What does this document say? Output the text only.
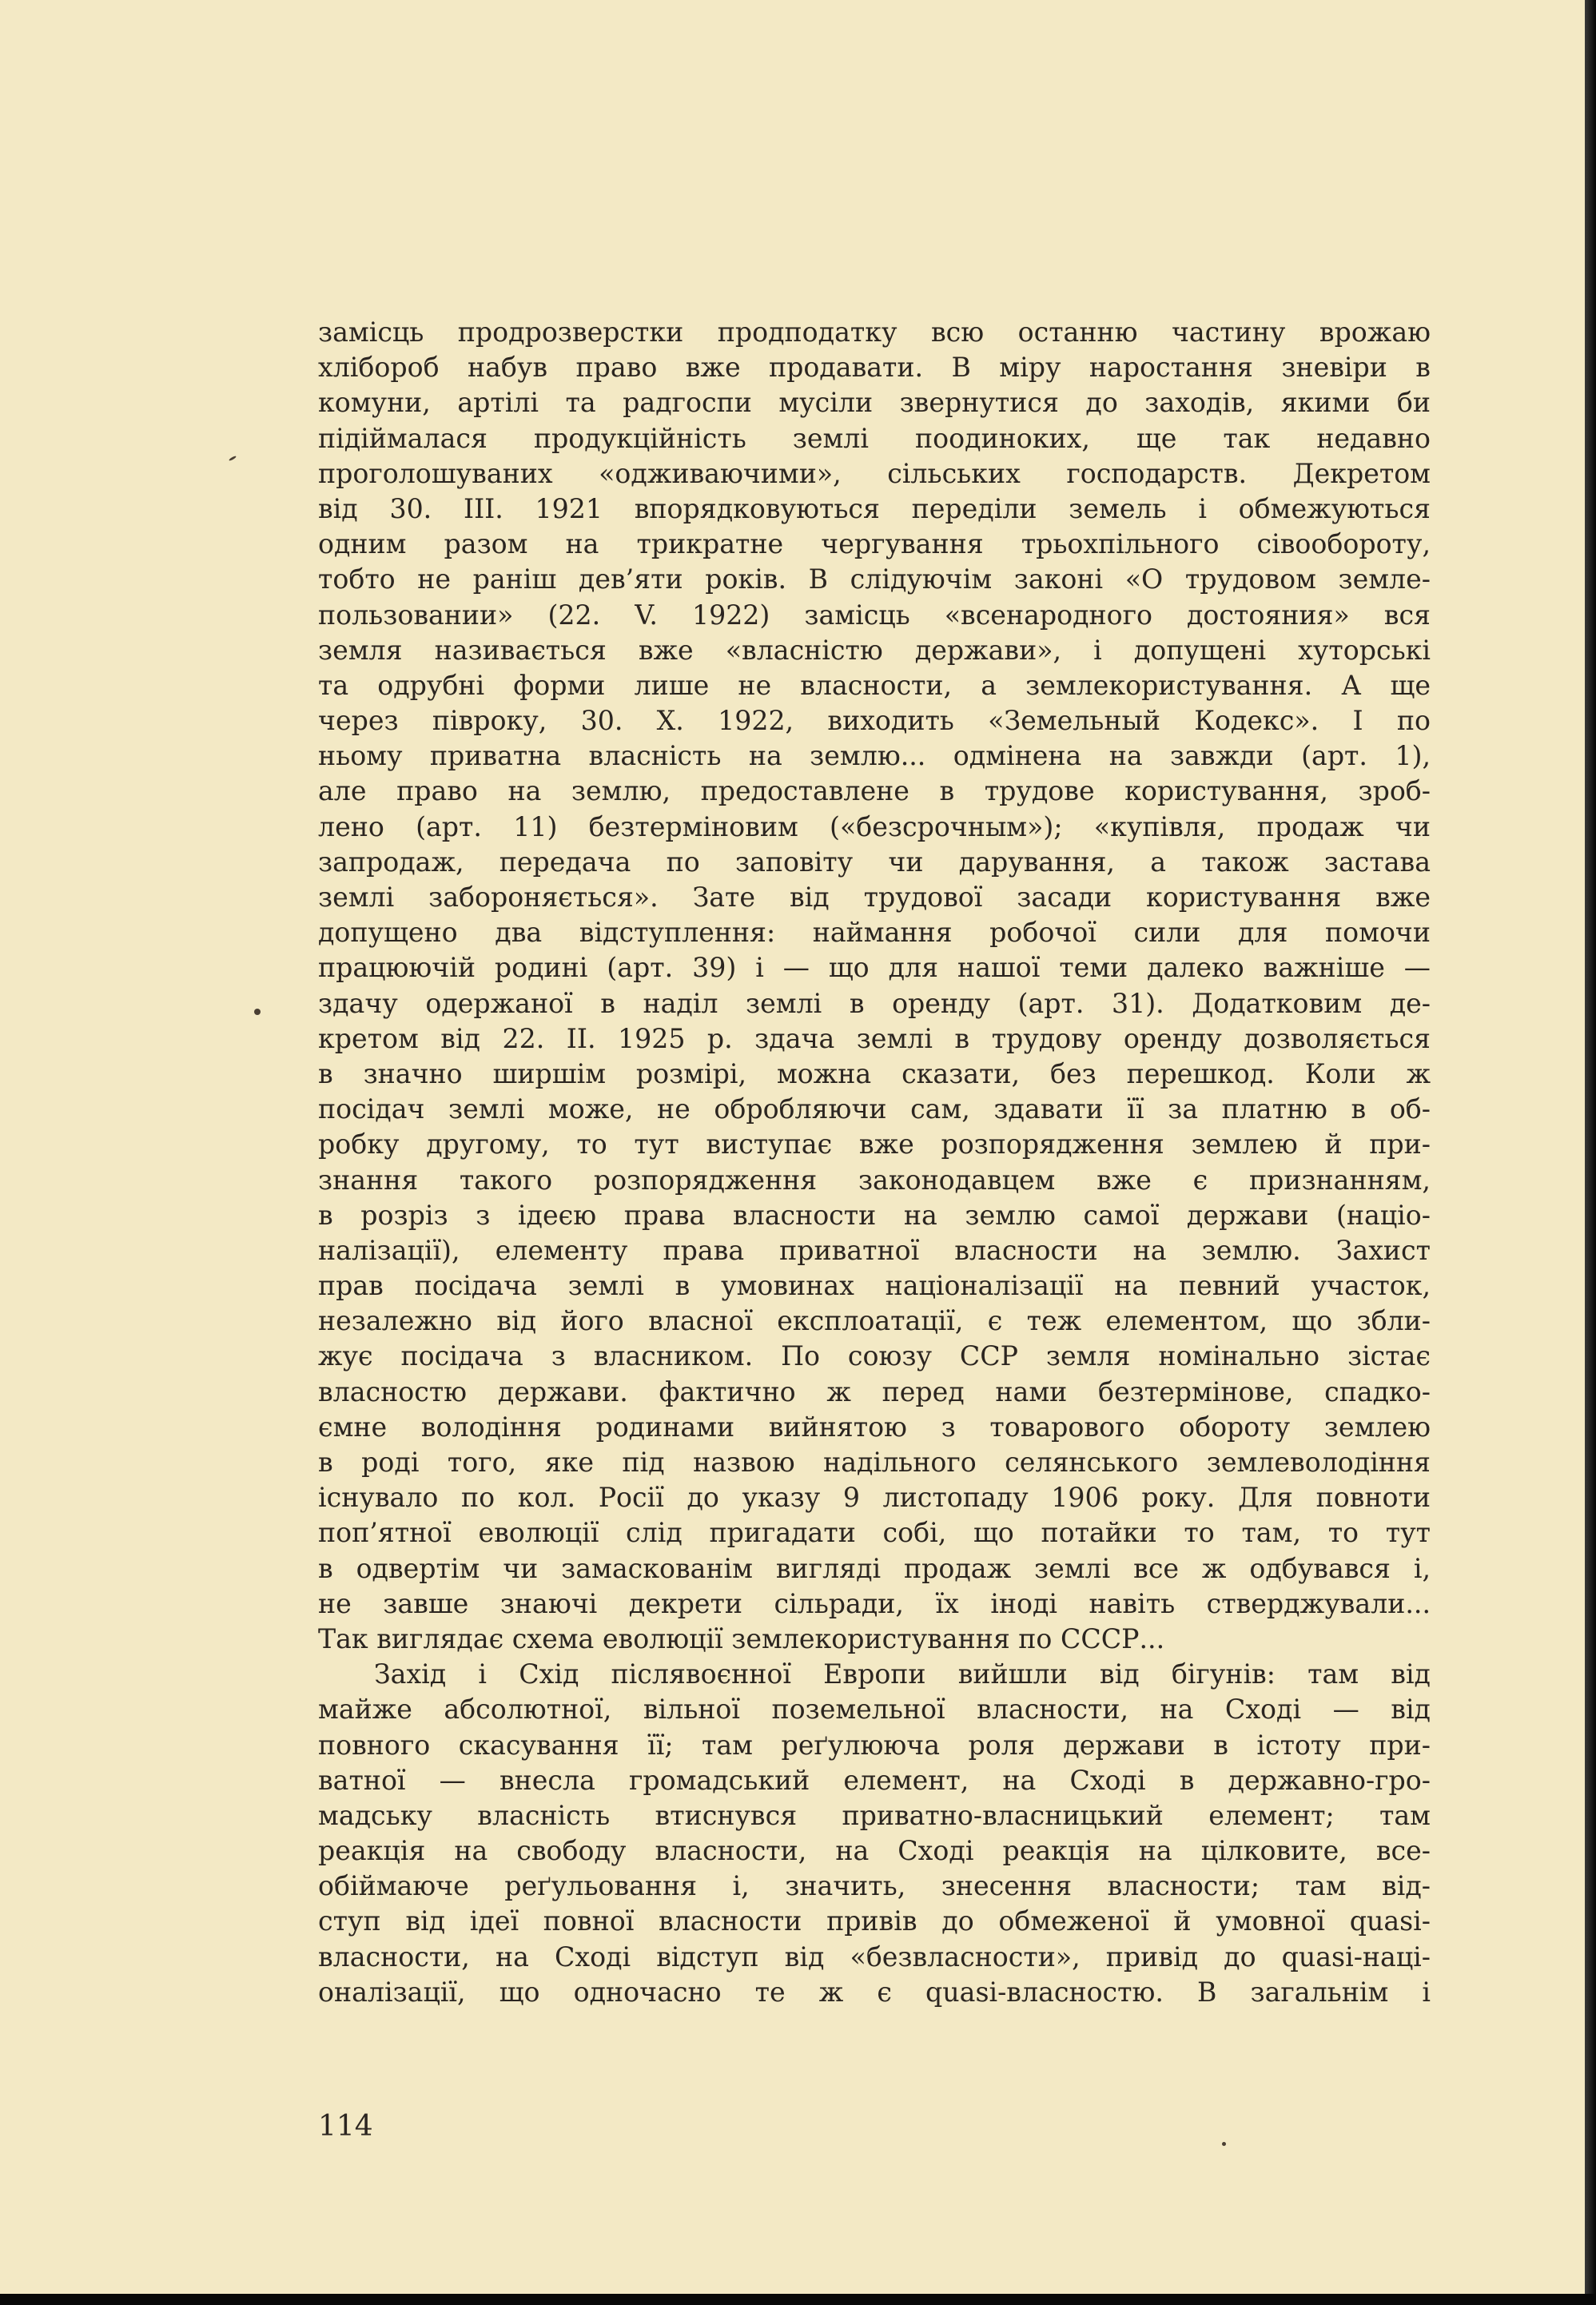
замісць продрозверстки продподатку всю останню частину врожаю
хлібороб набув право вже продавати. В міру наростання зневіри в
комуни, артілі та радгоспи мусіли звернутися до заходів, якими би
підіймалася продукційність землі поодиноких, ще так недавно
проголошуваних «одживаючими», сільських господарств. Декретом
від 30. III. 1921 впорядковуються переділи земель і обмежуються
одним разом на трикратне чергування трьохпільного сівообороту,
тобто не раніш дев’яти років. В слідуючім законі «О трудовом земле-
пользовании» (22. V. 1922) замісць «всенародного достояния» вся
земля називається вже «власністю держави», і допущені хуторські
та одрубні форми лише не власности, а землекористування. А ще
через півроку, 30. X. 1922, виходить «Земельный Кодекс». І по
ньому приватна власність на землю... одмінена на завжди (арт. 1),
але право на землю, предоставлене в трудове користування, зроб-
лено (арт. 11) безтерміновим («безсрочным»); «купівля, продаж чи
запродаж, передача по заповіту чи дарування, а також застава
землі забороняється». Зате від трудової засади користування вже
допущено два відступлення: наймання робочої сили для помочи
працюючій родині (арт. 39) і — що для нашої теми далеко важніше —
здачу одержаної в наділ землі в оренду (арт. 31). Додатковим де-
кретом від 22. II. 1925 р. здача землі в трудову оренду дозволяється
в значно ширшім розмірі, можна сказати, без перешкод. Коли ж
посідач землі може, не обробляючи сам, здавати її за платню в об-
робку другому, то тут виступає вже розпорядження землею й при-
знання такого розпорядження законодавцем вже є признанням,
в розріз з ідеєю права власности на землю самої держави (націо-
налізації), елементу права приватної власности на землю. Захист
прав посідача землі в умовинах націоналізації на певний участок,
незалежно від його власної експлоатації, є теж елементом, що збли-
жує посідача з власником. По союзу ССР земля номінально зістає
власностю держави. фактично ж перед нами безтермінове, спадко-
ємне володіння родинами вийнятою з товарового обороту землею
в роді того, яке під назвою надільного селянського землеволодіння
існувало по кол. Росії до указу 9 листопаду 1906 року. Для повноти
поп’ятної еволюції слід пригадати собі, що потайки то там, то тут
в одвертім чи замаскованім вигляді продаж землі все ж одбувався і,
не завше знаючі декрети сільради, їх іноді навіть стверджували...
Так виглядає схема еволюції землекористування по СССР...
Захід і Схід післявоєнної Европи вийшли від бігунів: там від
майже абсолютної, вільної поземельної власности, на Сході — від
повного скасування її; там реґулююча роля держави в істоту при-
ватної — внесла громадський елемент, на Сході в державно-гро-
мадську власність втиснувся приватно-власницький елемент; там
реакція на свободу власности, на Сході реакція на цілковите, все-
обіймаюче реґульовання і, значить, знесення власности; там від-
ступ від ідеї повної власности привів до обмеженої й умовної quasi-
власности, на Сході відступ від «безвласности», привід до quasi-наці-
оналізації, що одночасно те ж є quasi-власностю. В загальнім і
114
